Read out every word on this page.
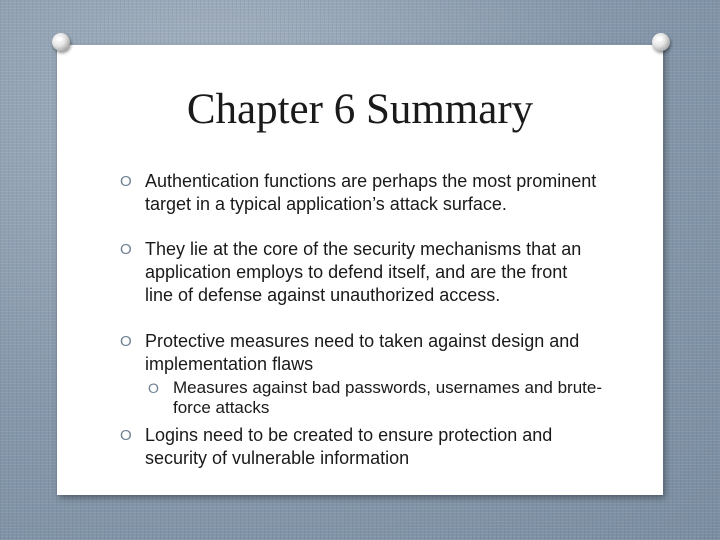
Chapter 6 Summary
O Authentication functions are perhaps the most prominent target in a typical application’s attack surface.
O They lie at the core of the security mechanisms that an application employs to defend itself, and are the front line of defense against unauthorized access.
O Protective measures need to taken against design and implementation flaws
O Measures against bad passwords, usernames and brute-force attacks
O Logins need to be created to ensure protection and security of vulnerable information
